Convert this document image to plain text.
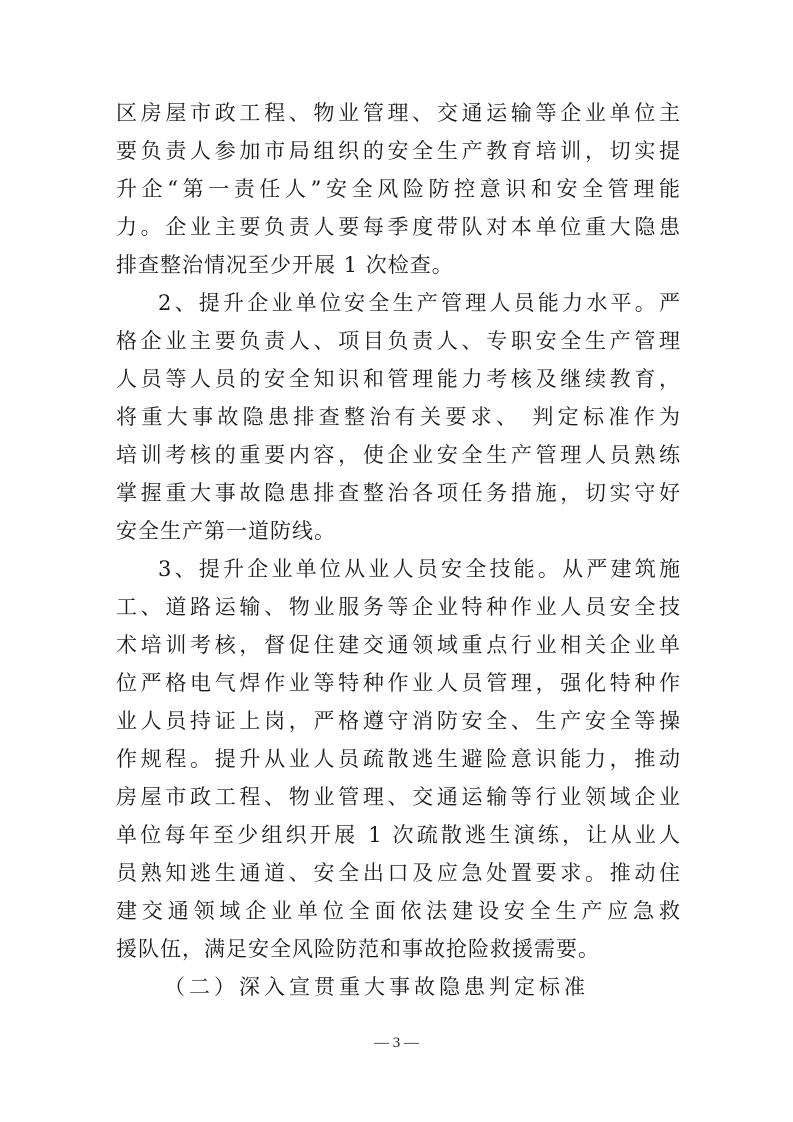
区房屋市政工程、物业管理、交通运输等企业单位主
要负责人参加市局组织的安全生产教育培训，切实提
升企“第一责任人”安全风险防控意识和安全管理能
力。企业主要负责人要每季度带队对本单位重大隐患
排查整治情况至少开展 1 次检查。
2、提升企业单位安全生产管理人员能力水平。严
格企业主要负责人、项目负责人、专职安全生产管理
人员等人员的安全知识和管理能力考核及继续教育，
将重大事故隐患排查整治有关要求、 判定标准作为
培训考核的重要内容，使企业安全生产管理人员熟练
掌握重大事故隐患排查整治各项任务措施，切实守好
安全生产第一道防线。
3、提升企业单位从业人员安全技能。从严建筑施
工、道路运输、物业服务等企业特种作业人员安全技
术培训考核，督促住建交通领域重点行业相关企业单
位严格电气焊作业等特种作业人员管理，强化特种作
业人员持证上岗，严格遵守消防安全、生产安全等操
作规程。提升从业人员疏散逃生避险意识能力，推动
房屋市政工程、物业管理、交通运输等行业领域企业
单位每年至少组织开展 1 次疏散逃生演练，让从业人
员熟知逃生通道、安全出口及应急处置要求。推动住
建交通领域企业单位全面依法建设安全生产应急救
援队伍，满足安全风险防范和事故抢险救援需要。
（二）深入宣贯重大事故隐患判定标准
— 3 —
